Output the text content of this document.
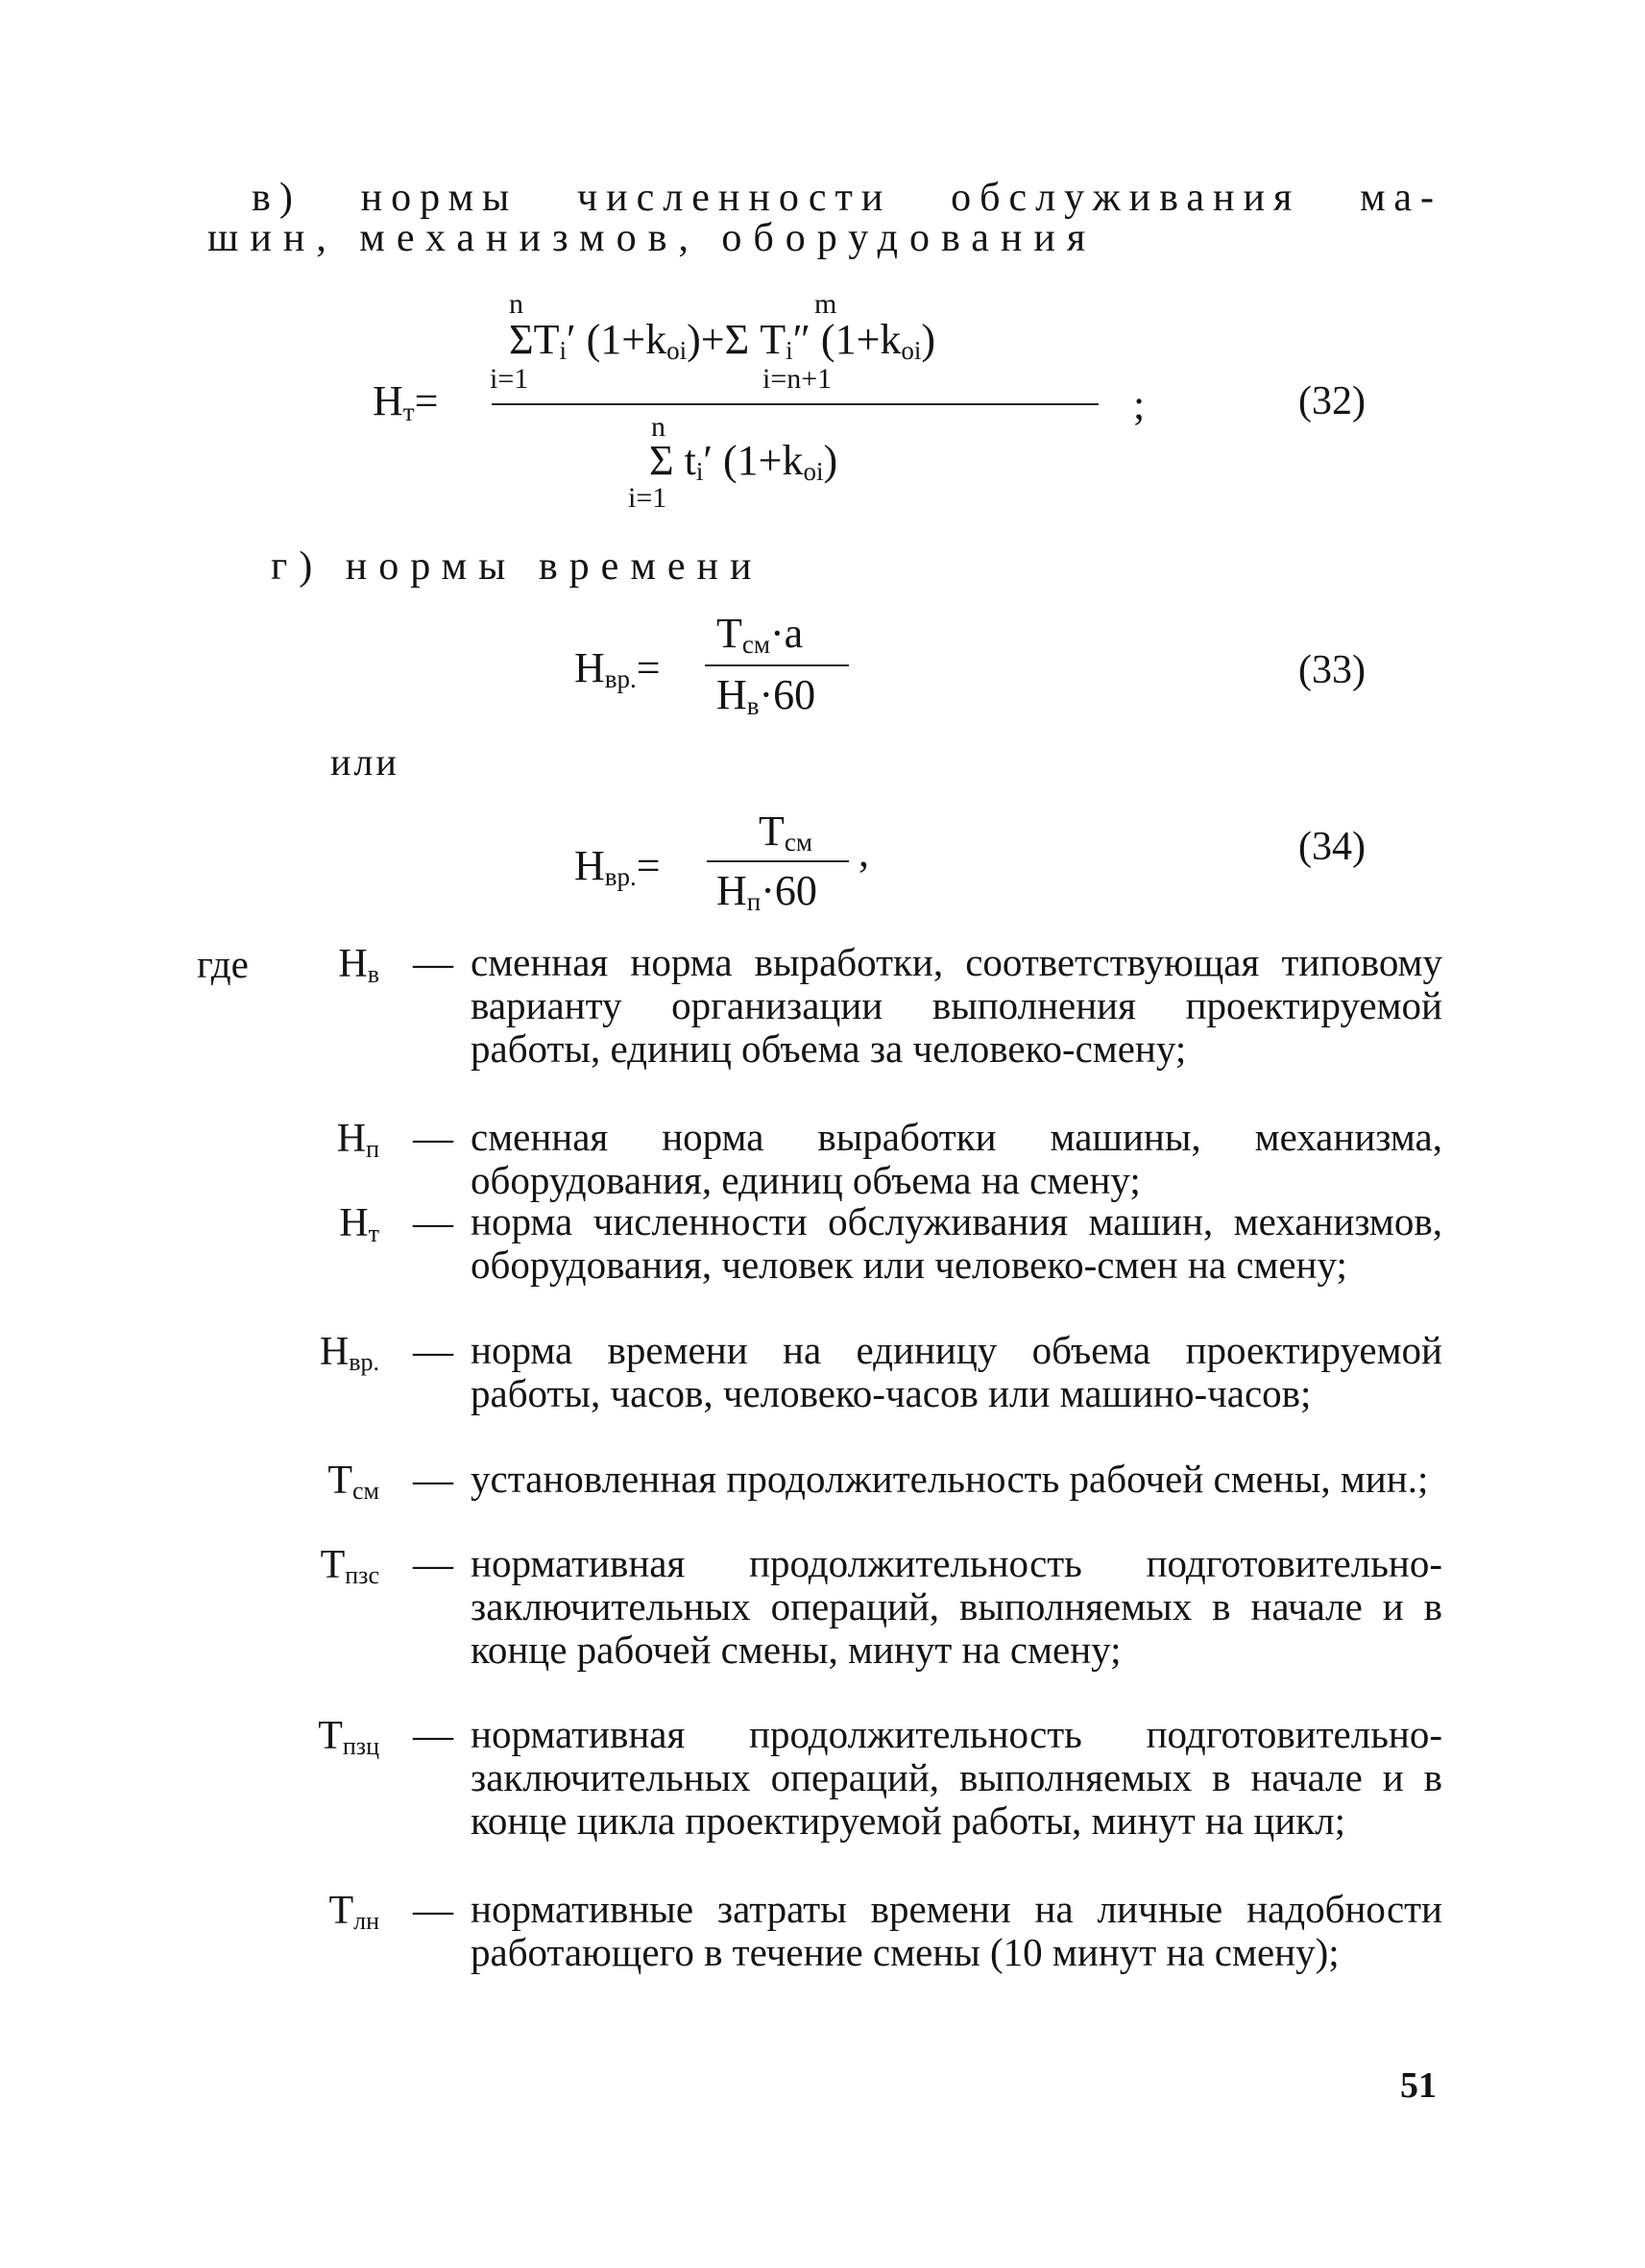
в) нормы численности обслуживания ма-
шин, механизмов, оборудования
n	m
$\Sigma T_i'$ $(1+k_{oi})+\Sigma$ $T_i''$ $(1+k_{oi})$
i=1	i=n+1
$Н_т=$	;
n
Σ $t_i'$ $(1+k_{oi})$
i=1
(32)
г) нормы времени
$T_{см}\cdot a$
$Н_{вр.}=$
$Н_в\cdot 60$
(33)
или
$T_{см}$
$Н_{вр.}=$	,
$Н_п\cdot 60$
(34)
где $Н_в$ — сменная норма выработки, соответствующая типовому варианту организации выполнения проектируемой работы, единиц объема за человеко-смену;
$Н_п$ — сменная норма выработки машины, механизма, оборудования, единиц объема на смену;
$Н_т$ — норма численности обслуживания машин, механизмов, оборудования, человек или человеко-смен на смену;
$Н_{вр.}$ — норма времени на единицу объема проектируемой работы, часов, человеко-часов или машино-часов;
$T_{см}$ — установленная продолжительность рабочей смены, мин.;
$T_{пзс}$ — нормативная продолжительность подготовительно-заключительных операций, выполняемых в начале и в конце рабочей смены, минут на смену;
$T_{пзц}$ — нормативная продолжительность подготовительно-заключительных операций, выполняемых в начале и в конце цикла проектируемой работы, минут на цикл;
$T_{лн}$ — нормативные затраты времени на личные надобности работающего в течение смены (10 минут на смену);
51
